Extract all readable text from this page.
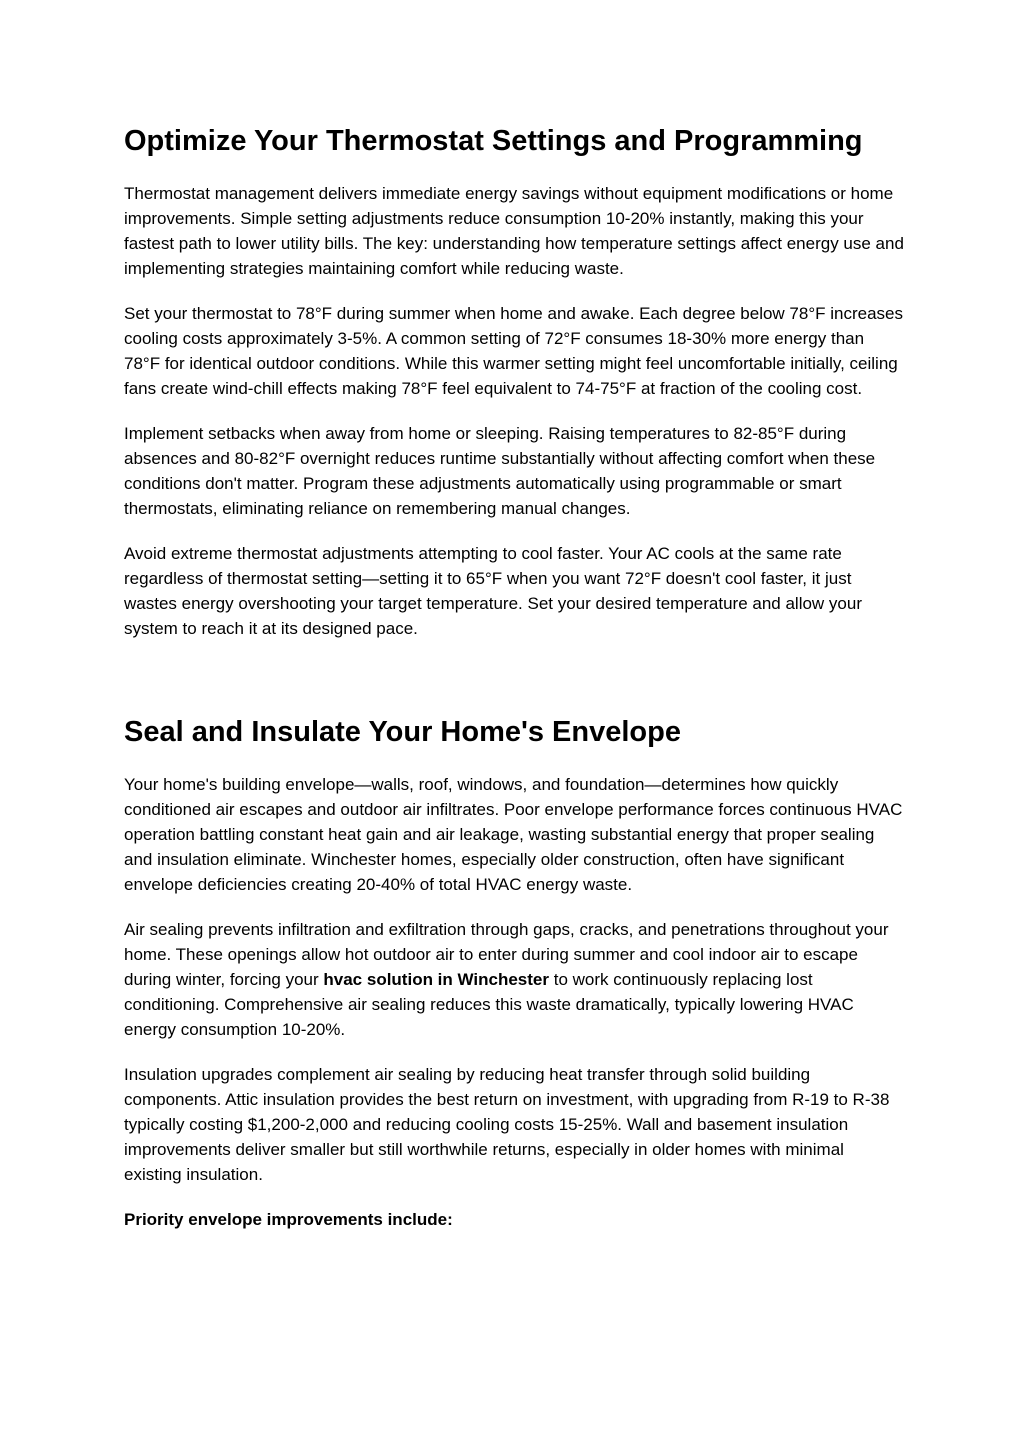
Optimize Your Thermostat Settings and Programming

Thermostat management delivers immediate energy savings without equipment modifications or home improvements. Simple setting adjustments reduce consumption 10-20% instantly, making this your fastest path to lower utility bills. The key: understanding how temperature settings affect energy use and implementing strategies maintaining comfort while reducing waste.

Set your thermostat to 78°F during summer when home and awake. Each degree below 78°F increases cooling costs approximately 3-5%. A common setting of 72°F consumes 18-30% more energy than 78°F for identical outdoor conditions. While this warmer setting might feel uncomfortable initially, ceiling fans create wind-chill effects making 78°F feel equivalent to 74-75°F at fraction of the cooling cost.

Implement setbacks when away from home or sleeping. Raising temperatures to 82-85°F during absences and 80-82°F overnight reduces runtime substantially without affecting comfort when these conditions don't matter. Program these adjustments automatically using programmable or smart thermostats, eliminating reliance on remembering manual changes.

Avoid extreme thermostat adjustments attempting to cool faster. Your AC cools at the same rate regardless of thermostat setting—setting it to 65°F when you want 72°F doesn't cool faster, it just wastes energy overshooting your target temperature. Set your desired temperature and allow your system to reach it at its designed pace.

Seal and Insulate Your Home's Envelope

Your home's building envelope—walls, roof, windows, and foundation—determines how quickly conditioned air escapes and outdoor air infiltrates. Poor envelope performance forces continuous HVAC operation battling constant heat gain and air leakage, wasting substantial energy that proper sealing and insulation eliminate. Winchester homes, especially older construction, often have significant envelope deficiencies creating 20-40% of total HVAC energy waste.

Air sealing prevents infiltration and exfiltration through gaps, cracks, and penetrations throughout your home. These openings allow hot outdoor air to enter during summer and cool indoor air to escape during winter, forcing your hvac solution in Winchester to work continuously replacing lost conditioning. Comprehensive air sealing reduces this waste dramatically, typically lowering HVAC energy consumption 10-20%.

Insulation upgrades complement air sealing by reducing heat transfer through solid building components. Attic insulation provides the best return on investment, with upgrading from R-19 to R-38 typically costing $1,200-2,000 and reducing cooling costs 15-25%. Wall and basement insulation improvements deliver smaller but still worthwhile returns, especially in older homes with minimal existing insulation.

Priority envelope improvements include:
